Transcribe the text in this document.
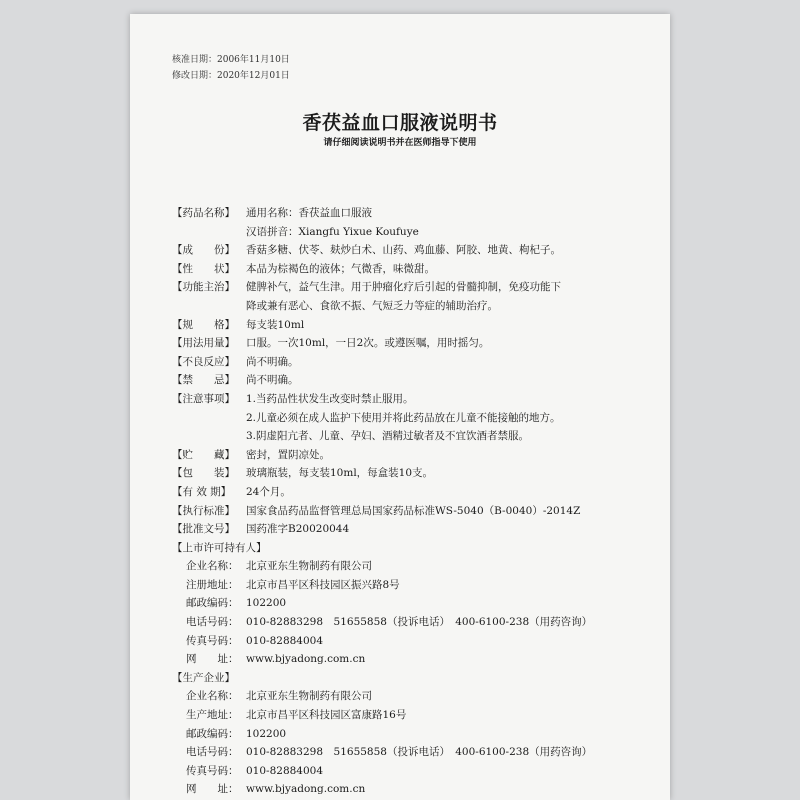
核准日期：2006年11月10日
修改日期：2020年12月01日
香茯益血口服液说明书
请仔细阅读说明书并在医师指导下使用
【药品名称】	通用名称：香茯益血口服液
汉语拼音：Xiangfu Yixue Koufuye
【成　　份】	香菇多糖、伏苓、麸炒白术、山药、鸡血藤、阿胶、地黄、枸杞子。
【性　　状】	本品为棕褐色的液体；气微香，味微甜。
【功能主治】	健脾补气，益气生津。用于肿瘤化疗后引起的骨髓抑制，免疫功能下
降或兼有恶心、食欲不振、气短乏力等症的辅助治疗。
【规　　格】	每支装10ml
【用法用量】	口服。一次10ml，一日2次。或遵医嘱，用时摇匀。
【不良反应】	尚不明确。
【禁　　忌】	尚不明确。
【注意事项】	1.当药品性状发生改变时禁止服用。
2.儿童必须在成人监护下使用并将此药品放在儿童不能接触的地方。
3.阴虚阳亢者、儿童、孕妇、酒精过敏者及不宜饮酒者禁服。
【贮　　藏】	密封，置阴凉处。
【包　　装】	玻璃瓶装，每支装10ml，每盒装10支。
【有 效 期】	24个月。
【执行标准】	国家食品药品监督管理总局国家药品标准WS-5040（B-0040）-2014Z
【批准文号】	国药准字B20020044
【上市许可持有人】
企业名称： 北京亚东生物制药有限公司
注册地址： 北京市昌平区科技园区振兴路8号
邮政编码： 102200
电话号码： 010-82883298　51655858（投诉电话）　400-6100-238（用药咨询）
传真号码： 010-82884004
网　　址： www.bjyadong.com.cn
【生产企业】
企业名称： 北京亚东生物制药有限公司
生产地址： 北京市昌平区科技园区富康路16号
邮政编码： 102200
电话号码： 010-82883298　51655858（投诉电话）　400-6100-238（用药咨询）
传真号码： 010-82884004
网　　址： www.bjyadong.com.cn
